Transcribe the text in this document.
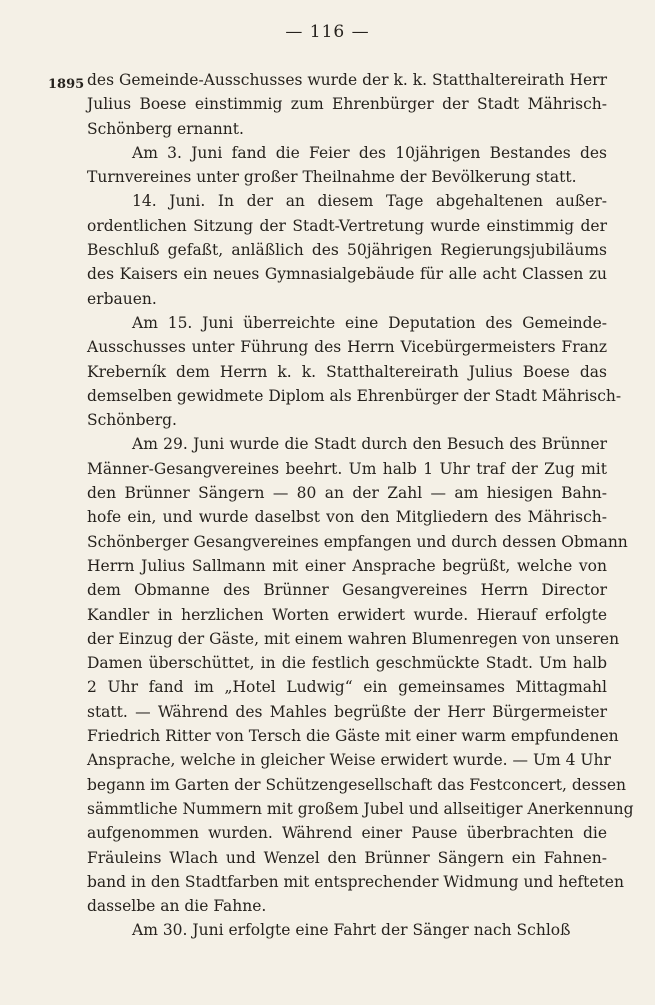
— 116 —
1895 des Gemeinde-Ausschusses wurde der k. k. Statthaltereirath Herr
Julius Boese einstimmig zum Ehrenbürger der Stadt Mährisch-
Schönberg ernannt.
Am 3. Juni fand die Feier des 10jährigen Bestandes des
Turnvereines unter großer Theilnahme der Bevölkerung statt.
14. Juni. In der an diesem Tage abgehaltenen außer-
ordentlichen Sitzung der Stadt-Vertretung wurde einstimmig der
Beschluß gefaßt, anläßlich des 50jährigen Regierungsjubiläums
des Kaisers ein neues Gymnasialgebäude für alle acht Classen zu
erbauen.
Am 15. Juni überreichte eine Deputation des Gemeinde-
Ausschusses unter Führung des Herrn Vicebürgermeisters Franz
Kreberník dem Herrn k. k. Statthaltereirath Julius Boese das
demselben gewidmete Diplom als Ehrenbürger der Stadt Mährisch-
Schönberg.
Am 29. Juni wurde die Stadt durch den Besuch des Brünner
Männer-Gesangvereines beehrt. Um halb 1 Uhr traf der Zug mit
den Brünner Sängern — 80 an der Zahl — am hiesigen Bahn-
hofe ein, und wurde daselbst von den Mitgliedern des Mährisch-
Schönberger Gesangvereines empfangen und durch dessen Obmann
Herrn Julius Sallmann mit einer Ansprache begrüßt, welche von
dem Obmanne des Brünner Gesangvereines Herrn Director
Kandler in herzlichen Worten erwidert wurde. Hierauf erfolgte
der Einzug der Gäste, mit einem wahren Blumenregen von unseren
Damen überschüttet, in die festlich geschmückte Stadt. Um halb
2 Uhr fand im „Hotel Ludwig“ ein gemeinsames Mittagmahl
statt. — Während des Mahles begrüßte der Herr Bürgermeister
Friedrich Ritter von Tersch die Gäste mit einer warm empfundenen
Ansprache, welche in gleicher Weise erwidert wurde. — Um 4 Uhr
begann im Garten der Schützengesellschaft das Festconcert, dessen
sämmtliche Nummern mit großem Jubel und allseitiger Anerkennung
aufgenommen wurden. Während einer Pause überbrachten die
Fräuleins Wlach und Wenzel den Brünner Sängern ein Fahnen-
band in den Stadtfarben mit entsprechender Widmung und hefteten
dasselbe an die Fahne.
Am 30. Juni erfolgte eine Fahrt der Sänger nach Schloß
